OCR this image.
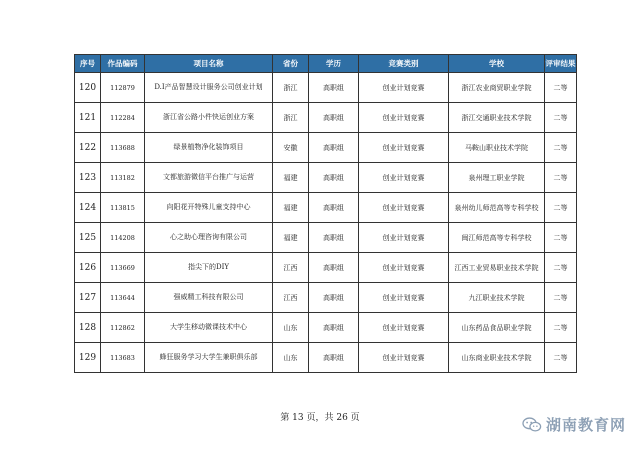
序号	作品编码	项目名称	省份	学历	竞赛类别	学校	评审结果
120	112879	D.I产品智慧设计服务公司创业计划	浙江	高职组	创业计划竞赛	浙江农业商贸职业学院	二等
121	112284	浙江省公路小件快运创业方案	浙江	高职组	创业计划竞赛	浙江交通职业技术学院	二等
122	113688	绿景植物净化装饰项目	安徽	高职组	创业计划竞赛	马鞍山职业技术学院	二等
123	113182	文都旅游微信平台推广与运营	福建	高职组	创业计划竞赛	泉州理工职业学院	二等
124	113815	向阳花开特殊儿童支持中心	福建	高职组	创业计划竞赛	泉州幼儿师范高等专科学校	二等
125	114208	心之助心理咨询有限公司	福建	高职组	创业计划竞赛	闽江师范高等专科学校	二等
126	113669	指尖下的DIY	江西	高职组	创业计划竞赛	江西工业贸易职业技术学院	二等
127	113644	强威精工科技有限公司	江西	高职组	创业计划竞赛	九江职业技术学院	二等
128	112862	大学生移动微课技术中心	山东	高职组	创业计划竞赛	山东药品食品职业学院	二等
129	113683	蜂狂服务学习大学生兼职俱乐部	山东	高职组	创业计划竞赛	山东商业职业技术学院	二等
第 13 页，共 26 页	湖南教育网
